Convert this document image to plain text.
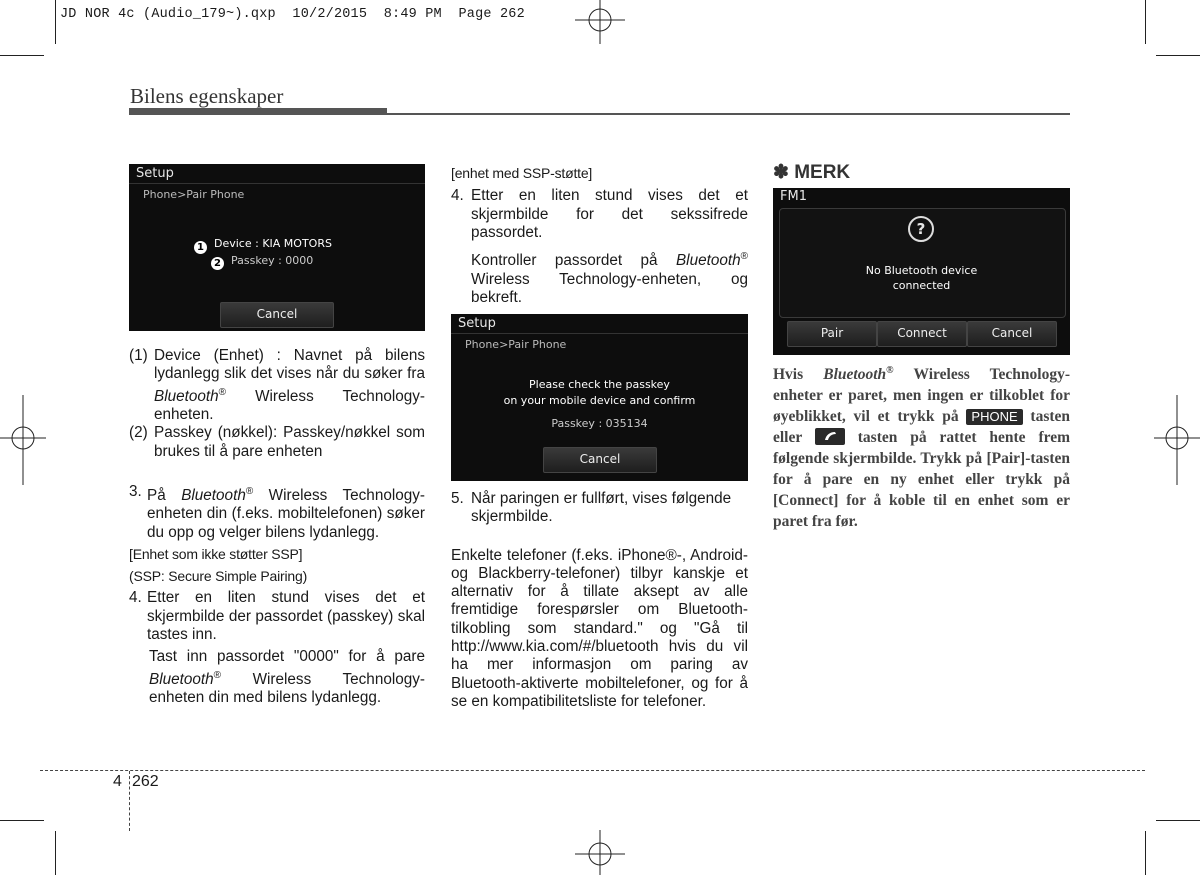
JD NOR 4c (Audio_179~).qxp  10/2/2015  8:49 PM  Page 262
Bilens egenskaper
Setup
Phone>Pair Phone
1 Device : KIA MOTORS
2 Passkey : 0000
Cancel
(1) Device (Enhet) : Navnet på bilens lydanlegg slik det vises når du søker fra Bluetooth® Wireless Technology-enheten.

(2) Passkey (nøkkel): Passkey/nøkkel som brukes til å pare enheten

3. På Bluetooth® Wireless Technology-enheten din (f.eks. mobiltelefonen) søker du opp og velger bilens lydanlegg.

[Enhet som ikke støtter SSP]

(SSP: Secure Simple Pairing)

4. Etter en liten stund vises det et skjermbilde der passordet (passkey) skal tastes inn.

Tast inn passordet "0000" for å pare Bluetooth® Wireless Technology-enheten din med bilens lydanlegg.

[enhet med SSP-støtte]

4. Etter en liten stund vises det et skjermbilde for det sekssifrede passordet.

Kontroller passordet på Bluetooth® Wireless Technology-enheten, og bekreft.

Setup
Phone>Pair Phone
Please check the passkey
on your mobile device and confirm
Passkey : 035134
Cancel
5. Når paringen er fullført, vises følgende skjermbilde.

Enkelte telefoner (f.eks. iPhone®-, Android- og Blackberry-telefoner) tilbyr kanskje et alternativ for å tillate aksept av alle fremtidige forespørsler om Bluetooth-tilkobling som standard." og "Gå til http://www.kia.com/#/bluetooth hvis du vil ha mer informasjon om paring av Bluetooth-aktiverte mobiltelefoner, og for å se en kompatibilitetsliste for telefoner.

✽ MERK
FM1
?
No Bluetooth device
connected
Pair	Connect	Cancel

Hvis Bluetooth® Wireless Technology-enheter er paret, men ingen er tilkoblet for øyeblikket, vil et trykk på PHONE tasten eller  tasten på rattet hente frem følgende skjermbilde. Trykk på [Pair]-tasten for å pare en ny enhet eller trykk på [Connect] for å koble til en enhet som er paret fra før.

4 262
